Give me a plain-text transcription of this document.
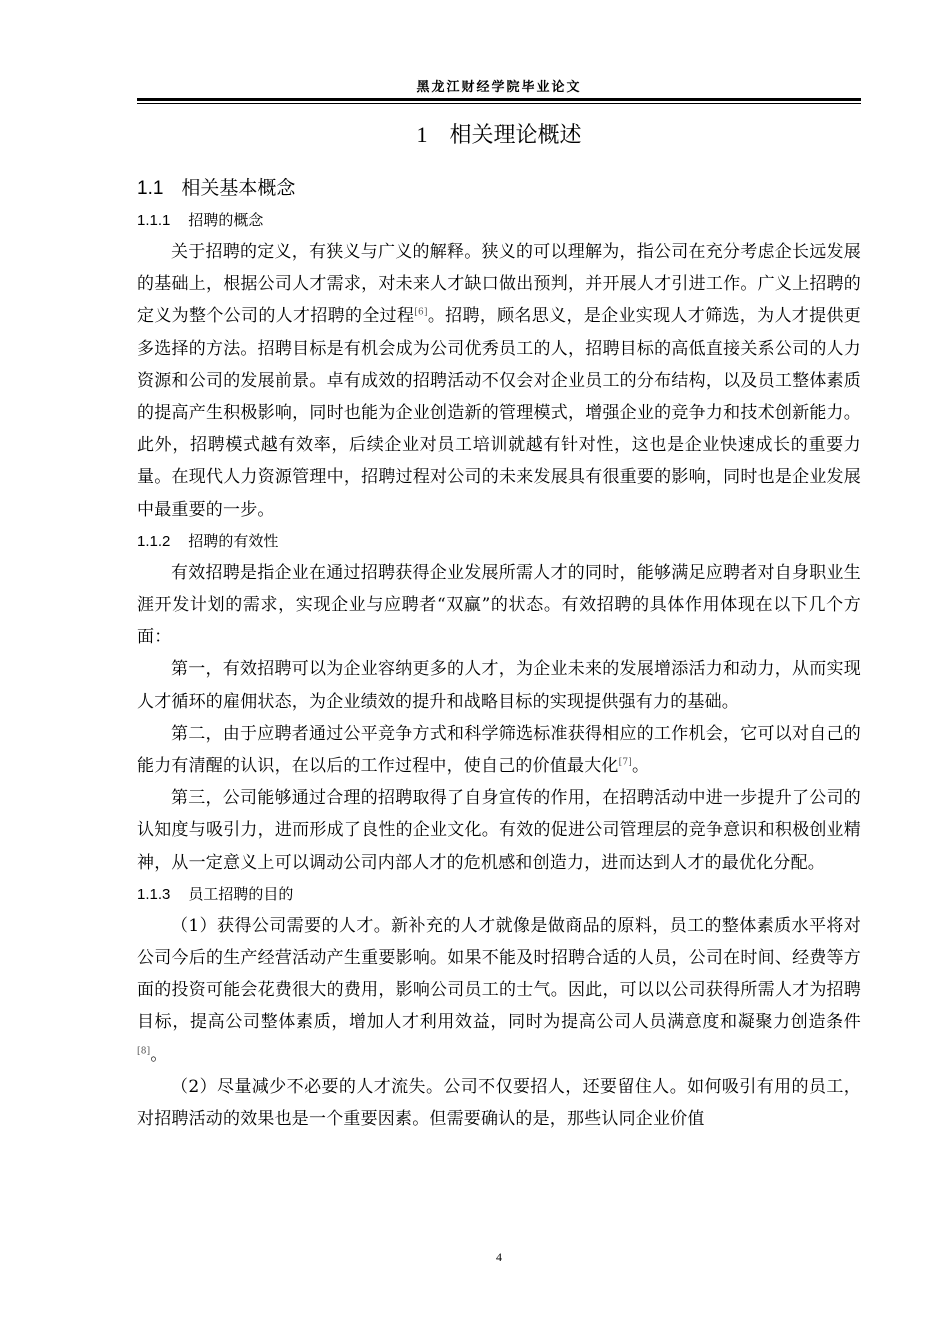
黑龙江财经学院毕业论文
1 相关理论概述
1.1 相关基本概念
1.1.1 招聘的概念

关于招聘的定义，有狭义与广义的解释。狭义的可以理解为，指公司在充分考虑企长远发展的基础上，根据公司人才需求，对未来人才缺口做出预判，并开展人才引进工作。广义上招聘的定义为整个公司的人才招聘的全过程[6]。招聘，顾名思义，是企业实现人才筛选，为人才提供更多选择的方法。招聘目标是有机会成为公司优秀员工的人，招聘目标的高低直接关系公司的人力资源和公司的发展前景。卓有成效的招聘活动不仅会对企业员工的分布结构，以及员工整体素质的提高产生积极影响，同时也能为企业创造新的管理模式，增强企业的竞争力和技术创新能力。此外，招聘模式越有效率，后续企业对员工培训就越有针对性，这也是企业快速成长的重要力量。在现代人力资源管理中，招聘过程对公司的未来发展具有很重要的影响，同时也是企业发展中最重要的一步。

1.1.2 招聘的有效性

有效招聘是指企业在通过招聘获得企业发展所需人才的同时，能够满足应聘者对自身职业生涯开发计划的需求，实现企业与应聘者“双赢”的状态。有效招聘的具体作用体现在以下几个方面：

第一，有效招聘可以为企业容纳更多的人才，为企业未来的发展增添活力和动力，从而实现人才循环的雇佣状态，为企业绩效的提升和战略目标的实现提供强有力的基础。

第二，由于应聘者通过公平竞争方式和科学筛选标准获得相应的工作机会，它可以对自己的能力有清醒的认识，在以后的工作过程中，使自己的价值最大化[7]。

第三，公司能够通过合理的招聘取得了自身宣传的作用，在招聘活动中进一步提升了公司的认知度与吸引力，进而形成了良性的企业文化。有效的促进公司管理层的竞争意识和积极创业精神，从一定意义上可以调动公司内部人才的危机感和创造力，进而达到人才的最优化分配。

1.1.3 员工招聘的目的

（1）获得公司需要的人才。新补充的人才就像是做商品的原料，员工的整体素质水平将对公司今后的生产经营活动产生重要影响。如果不能及时招聘合适的人员，公司在时间、经费等方面的投资可能会花费很大的费用，影响公司员工的士气。因此，可以以公司获得所需人才为招聘目标，提高公司整体素质，增加人才利用效益，同时为提高公司人员满意度和凝聚力创造条件[8]。

（2）尽量减少不必要的人才流失。公司不仅要招人，还要留住人。如何吸引有用的员工，对招聘活动的效果也是一个重要因素。但需要确认的是，那些认同企业价值

4
